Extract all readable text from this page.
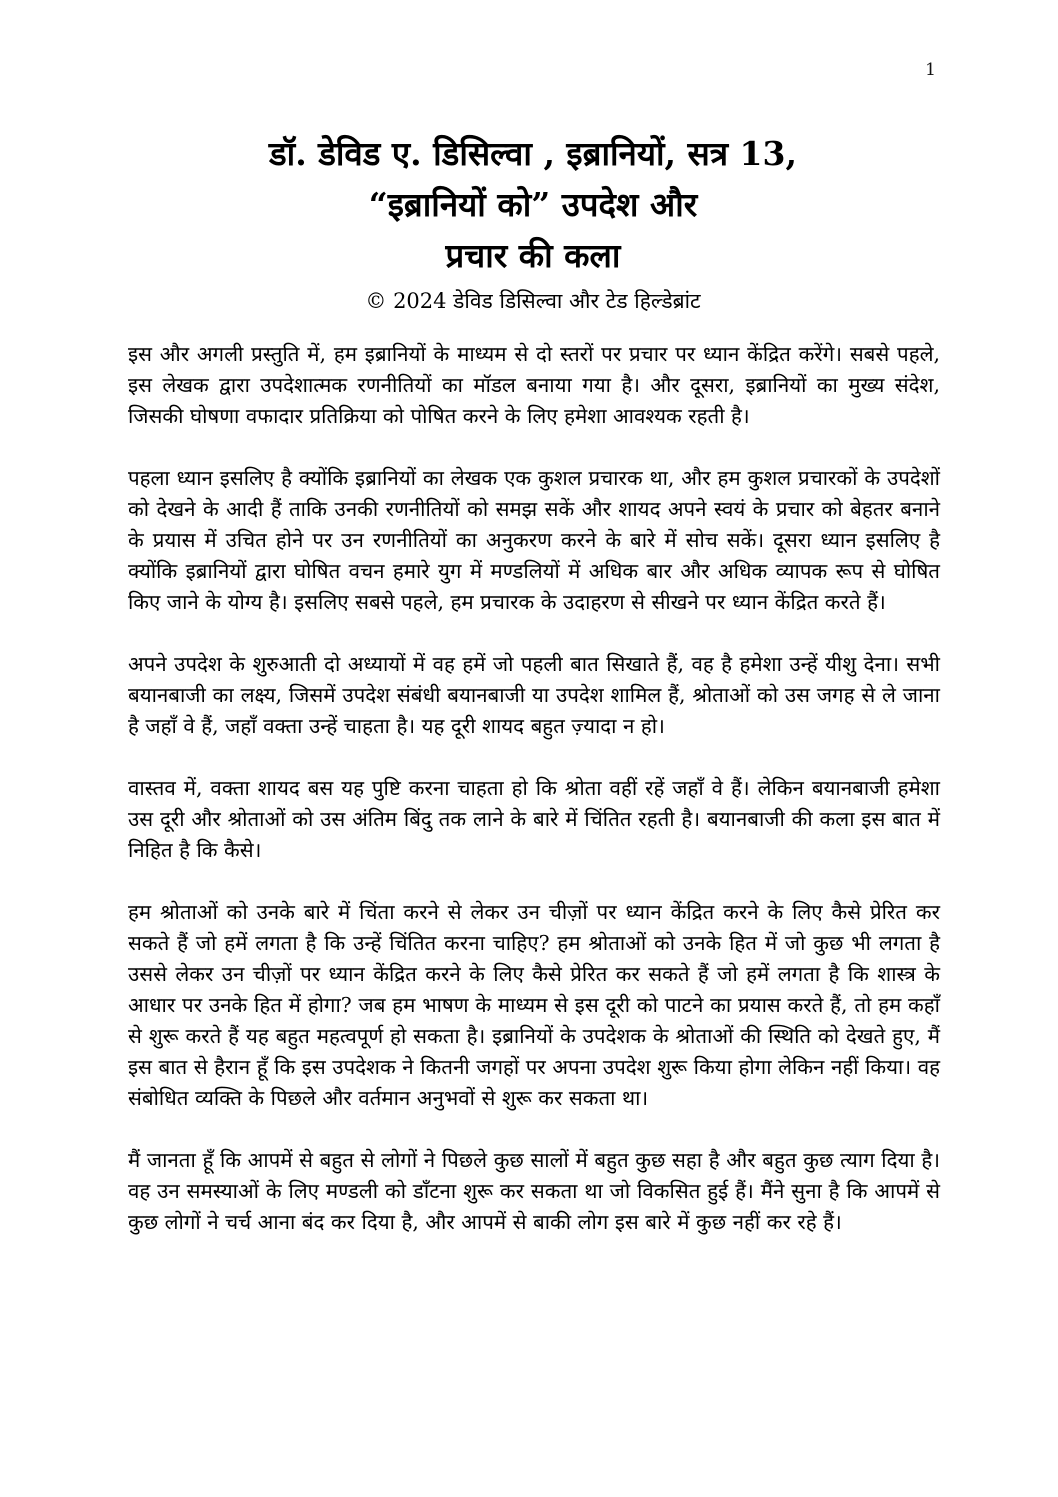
1
डॉ. डेविड ए. डिसिल्वा , इब्रानियों, सत्र 13,
“इब्रानियों को” उपदेश और
प्रचार की कला
© 2024 डेविड डिसिल्वा और टेड हिल्डेब्रांट

इस और अगली प्रस्तुति में, हम इब्रानियों के माध्यम से दो स्तरों पर प्रचार पर ध्यान केंद्रित करेंगे। सबसे पहले, इस लेखक द्वारा उपदेशात्मक रणनीतियों का मॉडल बनाया गया है। और दूसरा, इब्रानियों का मुख्य संदेश, जिसकी घोषणा वफादार प्रतिक्रिया को पोषित करने के लिए हमेशा आवश्यक रहती है।

पहला ध्यान इसलिए है क्योंकि इब्रानियों का लेखक एक कुशल प्रचारक था, और हम कुशल प्रचारकों के उपदेशों को देखने के आदी हैं ताकि उनकी रणनीतियों को समझ सकें और शायद अपने स्वयं के प्रचार को बेहतर बनाने के प्रयास में उचित होने पर उन रणनीतियों का अनुकरण करने के बारे में सोच सकें। दूसरा ध्यान इसलिए है क्योंकि इब्रानियों द्वारा घोषित वचन हमारे युग में मण्डलियों में अधिक बार और अधिक व्यापक रूप से घोषित किए जाने के योग्य है। इसलिए सबसे पहले, हम प्रचारक के उदाहरण से सीखने पर ध्यान केंद्रित करते हैं।

अपने उपदेश के शुरुआती दो अध्यायों में वह हमें जो पहली बात सिखाते हैं, वह है हमेशा उन्हें यीशु देना। सभी बयानबाजी का लक्ष्य, जिसमें उपदेश संबंधी बयानबाजी या उपदेश शामिल हैं, श्रोताओं को उस जगह से ले जाना है जहाँ वे हैं, जहाँ वक्ता उन्हें चाहता है। यह दूरी शायद बहुत ज़्यादा न हो।

वास्तव में, वक्ता शायद बस यह पुष्टि करना चाहता हो कि श्रोता वहीं रहें जहाँ वे हैं। लेकिन बयानबाजी हमेशा उस दूरी और श्रोताओं को उस अंतिम बिंदु तक लाने के बारे में चिंतित रहती है। बयानबाजी की कला इस बात में निहित है कि कैसे।

हम श्रोताओं को उनके बारे में चिंता करने से लेकर उन चीज़ों पर ध्यान केंद्रित करने के लिए कैसे प्रेरित कर सकते हैं जो हमें लगता है कि उन्हें चिंतित करना चाहिए? हम श्रोताओं को उनके हित में जो कुछ भी लगता है उससे लेकर उन चीज़ों पर ध्यान केंद्रित करने के लिए कैसे प्रेरित कर सकते हैं जो हमें लगता है कि शास्त्र के आधार पर उनके हित में होगा? जब हम भाषण के माध्यम से इस दूरी को पाटने का प्रयास करते हैं, तो हम कहाँ से शुरू करते हैं यह बहुत महत्वपूर्ण हो सकता है। इब्रानियों के उपदेशक के श्रोताओं की स्थिति को देखते हुए, मैं इस बात से हैरान हूँ कि इस उपदेशक ने कितनी जगहों पर अपना उपदेश शुरू किया होगा लेकिन नहीं किया। वह संबोधित व्यक्ति के पिछले और वर्तमान अनुभवों से शुरू कर सकता था।

मैं जानता हूँ कि आपमें से बहुत से लोगों ने पिछले कुछ सालों में बहुत कुछ सहा है और बहुत कुछ त्याग दिया है। वह उन समस्याओं के लिए मण्डली को डाँटना शुरू कर सकता था जो विकसित हुई हैं। मैंने सुना है कि आपमें से कुछ लोगों ने चर्च आना बंद कर दिया है, और आपमें से बाकी लोग इस बारे में कुछ नहीं कर रहे हैं।
